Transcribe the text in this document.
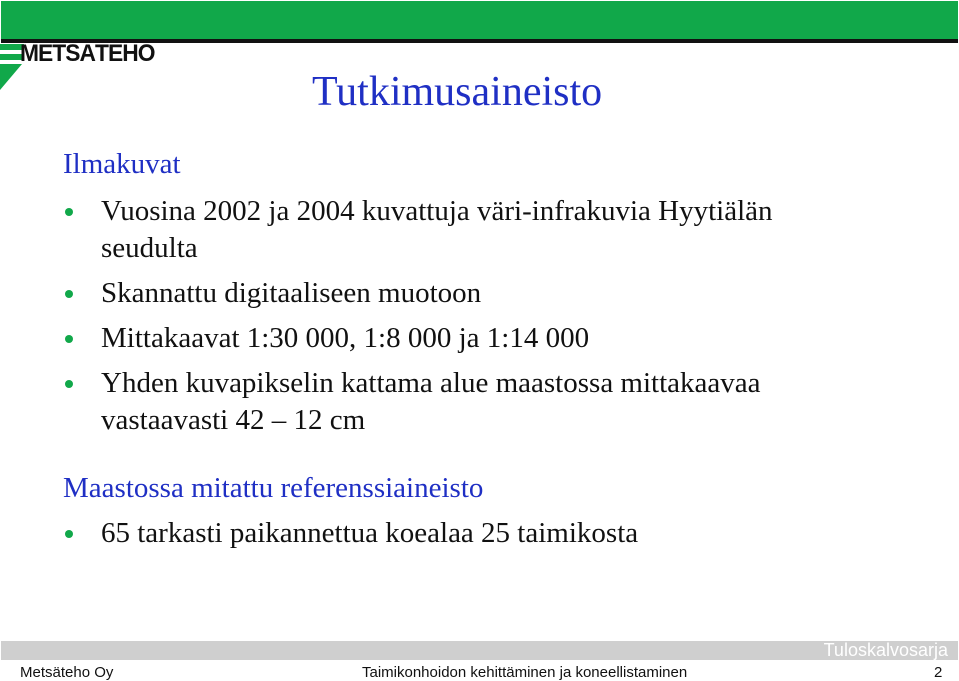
METSÄTEHO
Tutkimusaineisto
Ilmakuvat
Vuosina 2002 ja 2004 kuvattuja väri-infrakuvia Hyytiälän seudulta
Skannattu digitaaliseen muotoon
Mittakaavat 1:30 000, 1:8 000 ja 1:14 000
Yhden kuvapikselin kattama alue maastossa mittakaavaa vastaavasti 42 – 12 cm
Maastossa mitattu referenssiaineisto
65 tarkasti paikannettua koealaa 25 taimikosta
Tuloskalvosarja
Metsäteho Oy	Taimikonhoidon kehittäminen ja koneellistaminen	2
